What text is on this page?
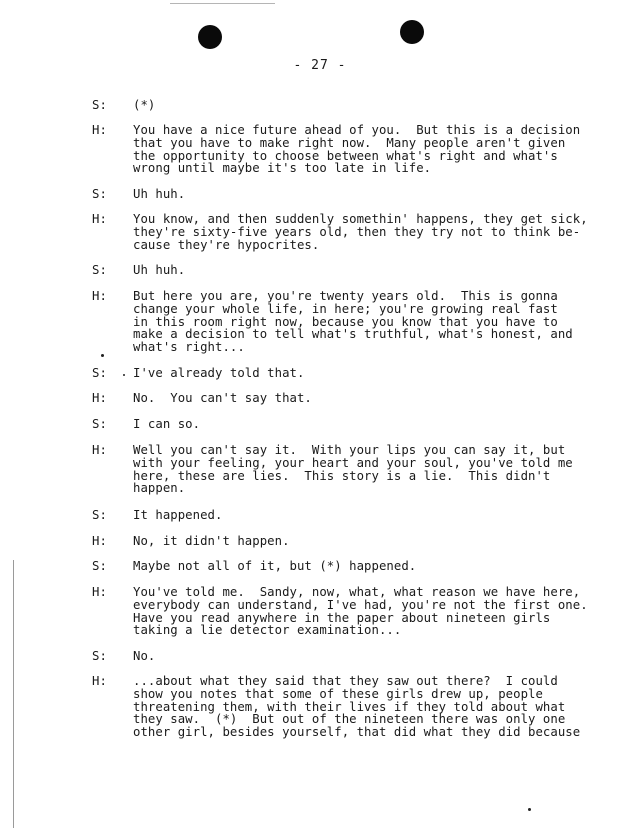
- 27 -
S: (*)
H: You have a nice future ahead of you.  But this is a decision
that you have to make right now.  Many people aren't given
the opportunity to choose between what's right and what's
wrong until maybe it's too late in life.
S: Uh huh.
H: You know, and then suddenly somethin' happens, they get sick,
they're sixty-five years old, then they try not to think be-
cause they're hypocrites.
S: Uh huh.
H: But here you are, you're twenty years old.  This is gonna
change your whole life, in here; you're growing real fast
in this room right now, because you know that you have to
make a decision to tell what's truthful, what's honest, and
what's right...
S: I've already told that.
H: No.  You can't say that.
S: I can so.
H: Well you can't say it.  With your lips you can say it, but
with your feeling, your heart and your soul, you've told me
here, these are lies.  This story is a lie.  This didn't
happen.
S: It happened.
H: No, it didn't happen.
S: Maybe not all of it, but (*) happened.
H: You've told me.  Sandy, now, what, what reason we have here,
everybody can understand, I've had, you're not the first one.
Have you read anywhere in the paper about nineteen girls
taking a lie detector examination...
S: No.
H: ...about what they said that they saw out there?  I could
show you notes that some of these girls drew up, people
threatening them, with their lives if they told about what
they saw.  (*)  But out of the nineteen there was only one
other girl, besides yourself, that did what they did because
